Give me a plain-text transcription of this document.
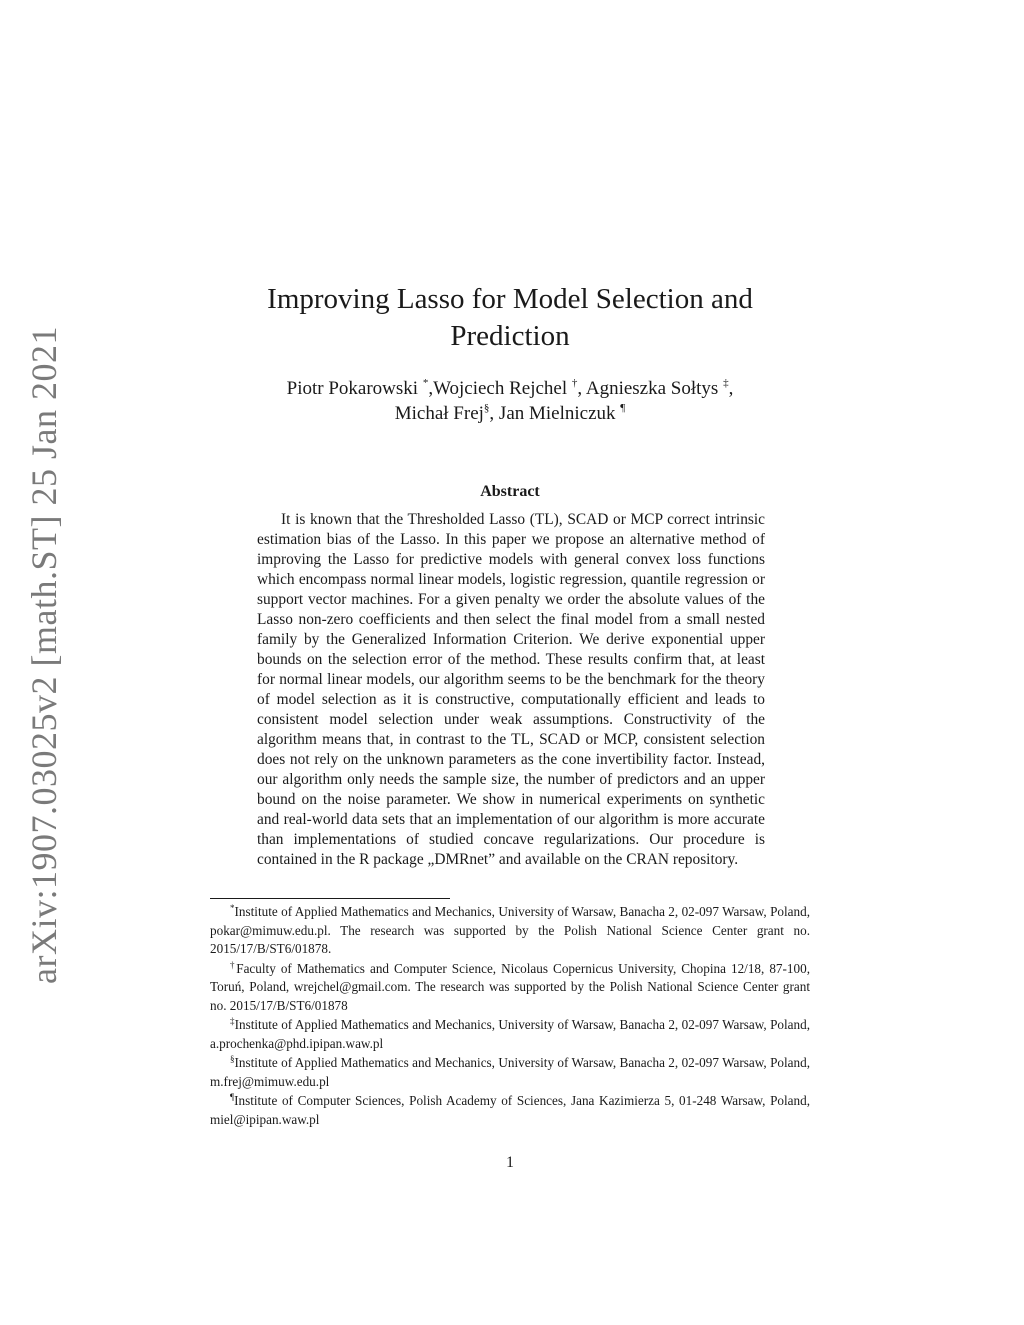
arXiv:1907.03025v2 [math.ST] 25 Jan 2021
Improving Lasso for Model Selection and Prediction
Piotr Pokarowski *,Wojciech Rejchel †, Agnieszka Sołtys ‡,
Michał Frej§, Jan Mielniczuk ¶
Abstract

It is known that the Thresholded Lasso (TL), SCAD or MCP correct intrinsic estimation bias of the Lasso. In this paper we propose an alternative method of improving the Lasso for predictive models with general convex loss functions which encompass normal linear models, logistic regression, quantile regression or support vector machines. For a given penalty we order the absolute values of the Lasso non-zero coefficients and then select the final model from a small nested family by the Generalized Information Criterion. We derive exponential upper bounds on the selection error of the method. These results confirm that, at least for normal linear models, our algorithm seems to be the benchmark for the theory of model selection as it is constructive, computationally efficient and leads to consistent model selection under weak assumptions. Constructivity of the algorithm means that, in contrast to the TL, SCAD or MCP, consistent selection does not rely on the unknown parameters as the cone invertibility factor. Instead, our algorithm only needs the sample size, the number of predictors and an upper bound on the noise parameter. We show in numerical experiments on synthetic and real-world data sets that an implementation of our algorithm is more accurate than implementations of studied concave regularizations. Our procedure is contained in the R package „DMRnet” and available on the CRAN repository.

*Institute of Applied Mathematics and Mechanics, University of Warsaw, Banacha 2, 02-097 Warsaw, Poland, pokar@mimuw.edu.pl. The research was supported by the Polish National Science Center grant no. 2015/17/B/ST6/01878.

†Faculty of Mathematics and Computer Science, Nicolaus Copernicus University, Chopina 12/18, 87-100, Toruń, Poland, wrejchel@gmail.com. The research was supported by the Polish National Science Center grant no. 2015/17/B/ST6/01878

‡Institute of Applied Mathematics and Mechanics, University of Warsaw, Banacha 2, 02-097 Warsaw, Poland, a.prochenka@phd.ipipan.waw.pl

§Institute of Applied Mathematics and Mechanics, University of Warsaw, Banacha 2, 02-097 Warsaw, Poland, m.frej@mimuw.edu.pl

¶Institute of Computer Sciences, Polish Academy of Sciences, Jana Kazimierza 5, 01-248 Warsaw, Poland, miel@ipipan.waw.pl

1
